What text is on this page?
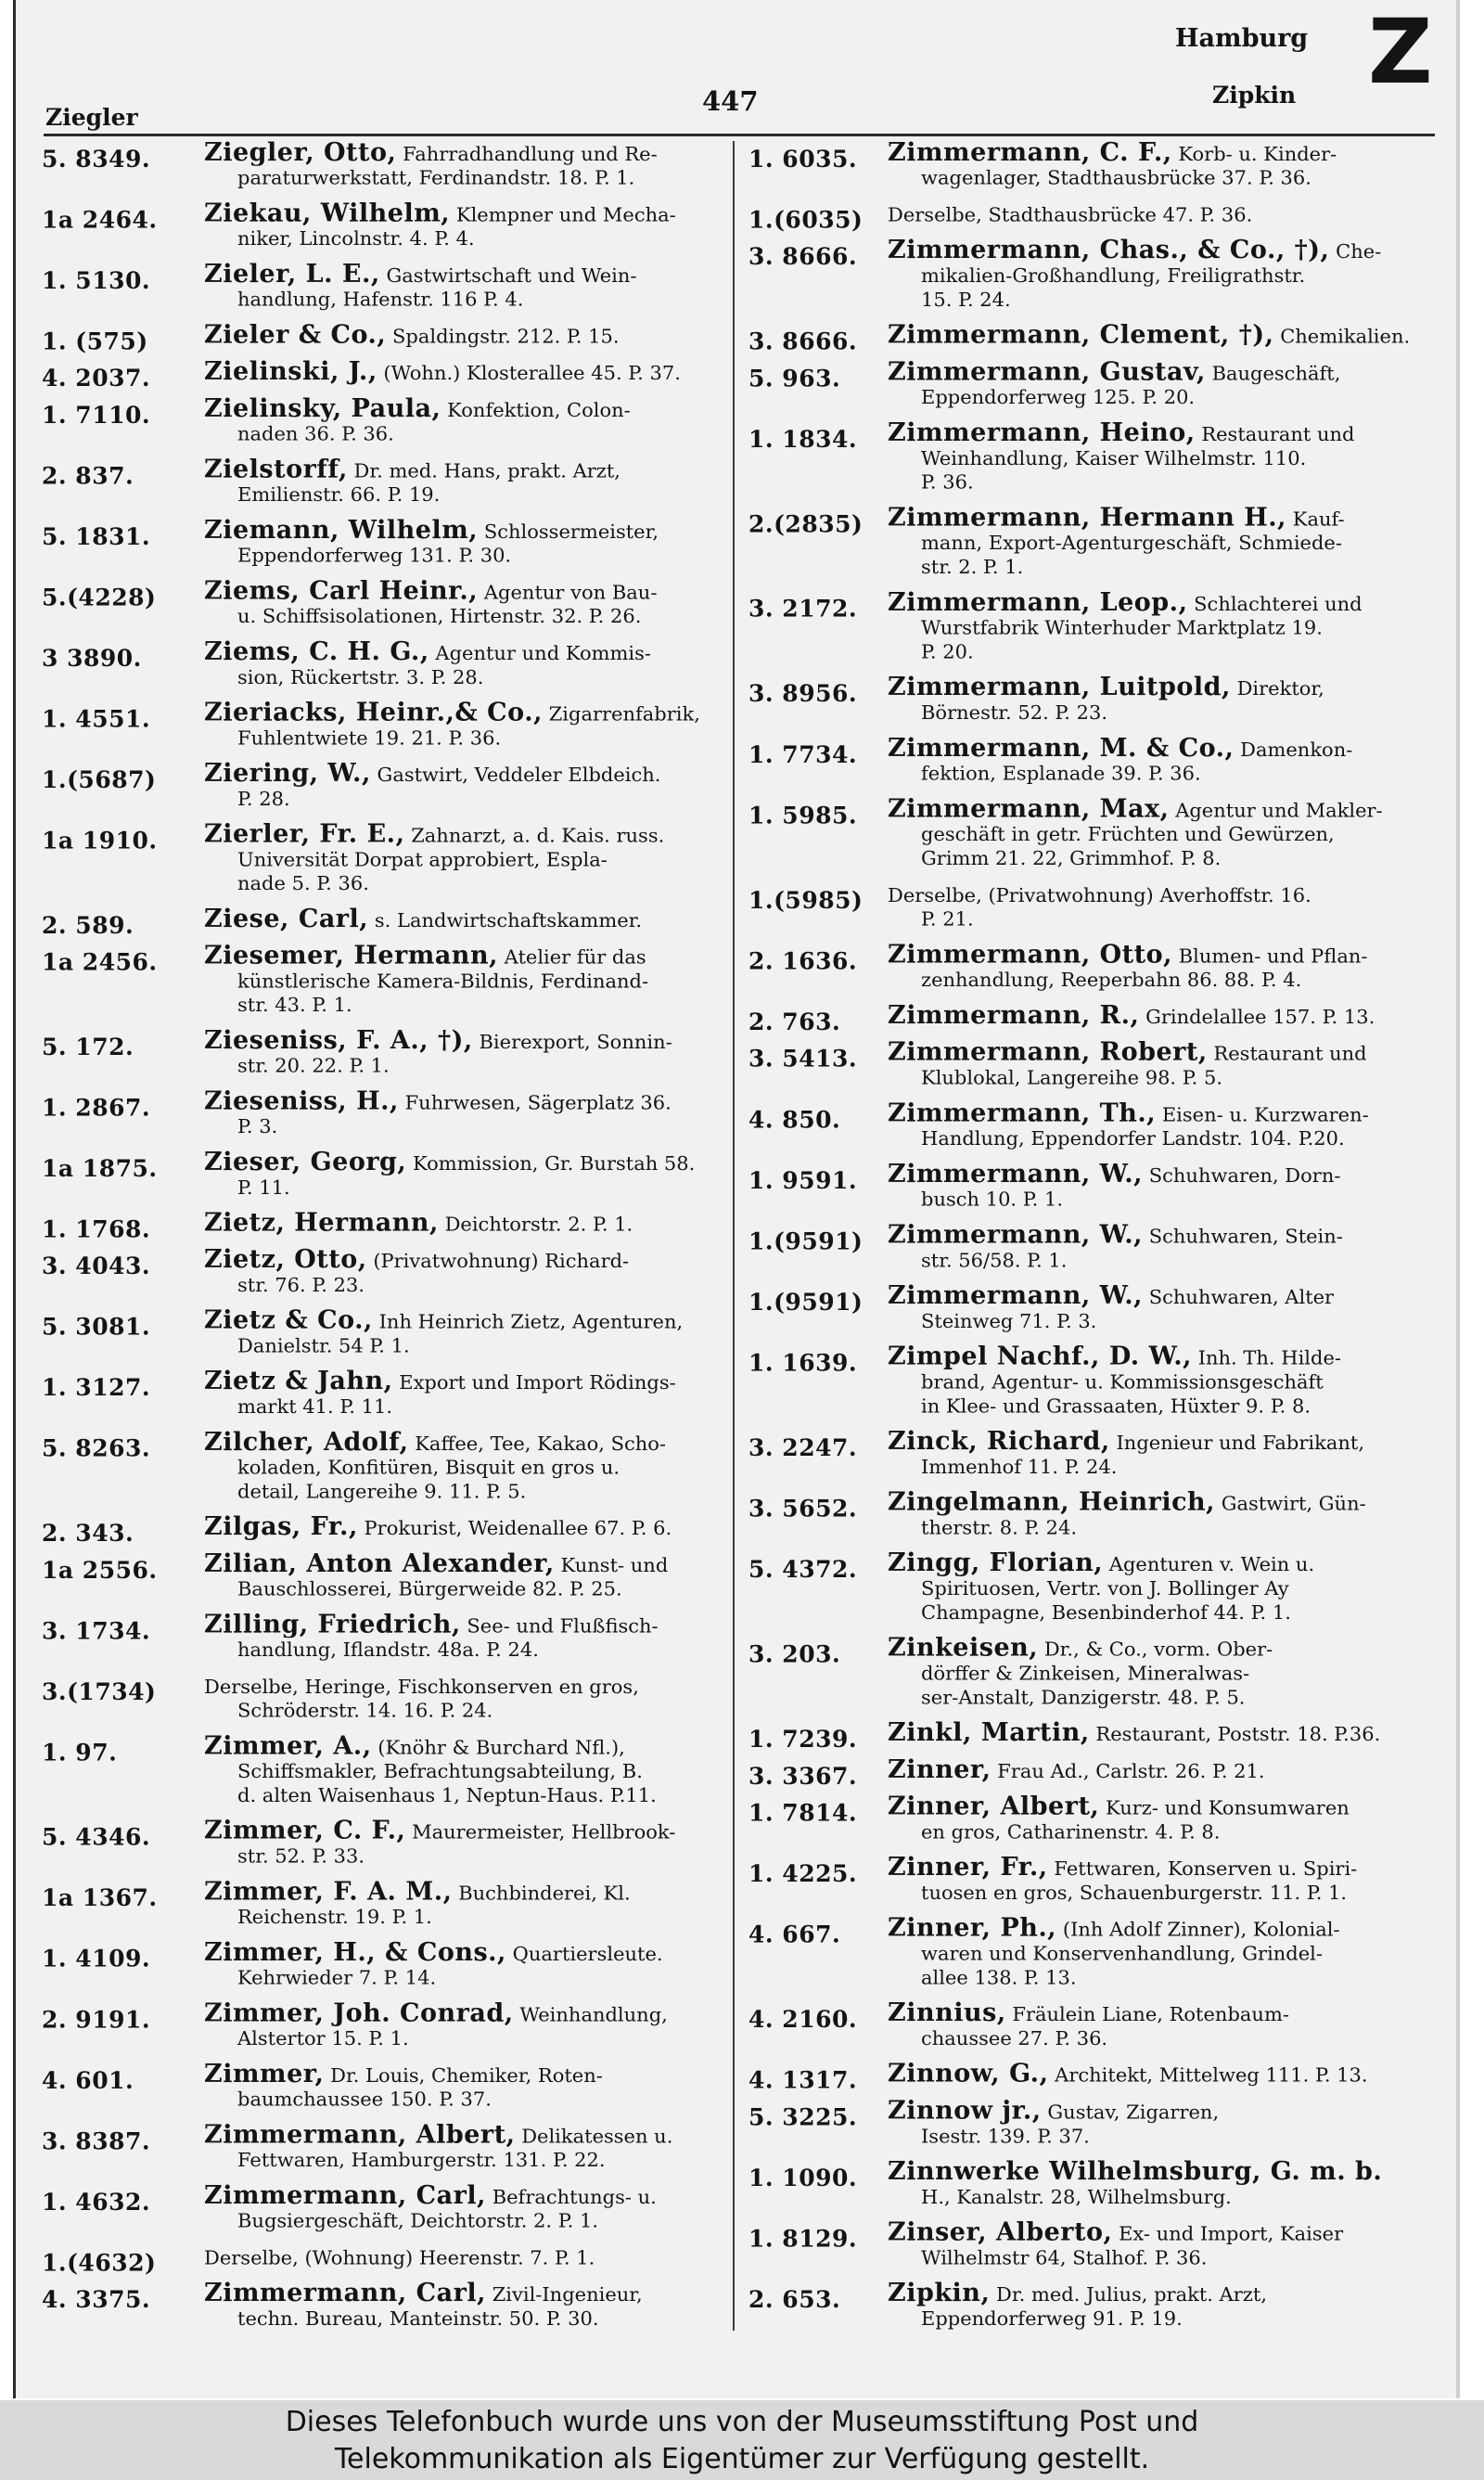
Hamburg Z
Ziegler
447	Zipkin
5. 8349.	Ziegler, Otto, Fahrradhandlung und Re-
paraturwerkstatt, Ferdinandstr. 18. P. 1.
1a 2464.	Ziekau, Wilhelm, Klempner und Mecha-
niker, Lincolnstr. 4. P. 4.
1. 5130.	Zieler, L. E., Gastwirtschaft und Wein-
handlung, Hafenstr. 116 P. 4.
1. (575)	Zieler & Co., Spaldingstr. 212. P. 15.
4. 2037.	Zielinski, J., (Wohn.) Klosterallee 45. P. 37.
1. 7110.	Zielinsky, Paula, Konfektion, Colon-
naden 36. P. 36.
2. 837.	Zielstorff, Dr. med. Hans, prakt. Arzt,
Emilienstr. 66. P. 19.
5. 1831.	Ziemann, Wilhelm, Schlossermeister,
Eppendorferweg 131. P. 30.
5.(4228)	Ziems, Carl Heinr., Agentur von Bau-
u. Schiffsisolationen, Hirtenstr. 32. P. 26.
3 3890.	Ziems, C. H. G., Agentur und Kommis-
sion, Rückertstr. 3. P. 28.
1. 4551.	Zieriacks, Heinr.,& Co., Zigarrenfabrik,
Fuhlentwiete 19. 21. P. 36.
1.(5687)	Ziering, W., Gastwirt, Veddeler Elbdeich.
P. 28.
1a 1910.	Zierler, Fr. E., Zahnarzt, a. d. Kais. russ.
Universität Dorpat approbiert, Espla-
nade 5. P. 36.
2. 589.	Ziese, Carl, s. Landwirtschaftskammer.
1a 2456.	Ziesemer, Hermann, Atelier für das
künstlerische Kamera-Bildnis, Ferdinand-
str. 43. P. 1.
5. 172.	Zieseniss, F. A., †), Bierexport, Sonnin-
str. 20. 22. P. 1.
1. 2867.	Zieseniss, H., Fuhrwesen, Sägerplatz 36.
P. 3.
1a 1875.	Zieser, Georg, Kommission, Gr. Burstah 58.
P. 11.
1. 1768.	Zietz, Hermann, Deichtorstr. 2. P. 1.
3. 4043.	Zietz, Otto, (Privatwohnung) Richard-
str. 76. P. 23.
5. 3081.	Zietz & Co., Inh Heinrich Zietz, Agenturen,
Danielstr. 54 P. 1.
1. 3127.	Zietz & Jahn, Export und Import Rödings-
markt 41. P. 11.
5. 8263.	Zilcher, Adolf, Kaffee, Tee, Kakao, Scho-
koladen, Konfitüren, Bisquit en gros u.
detail, Langereihe 9. 11. P. 5.
2. 343.	Zilgas, Fr., Prokurist, Weidenallee 67. P. 6.
1a 2556.	Zilian, Anton Alexander, Kunst- und
Bauschlosserei, Bürgerweide 82. P. 25.
3. 1734.	Zilling, Friedrich, See- und Flußfisch-
handlung, Iflandstr. 48a. P. 24.
3.(1734)	Derselbe, Heringe, Fischkonserven en gros,
Schröderstr. 14. 16. P. 24.
1. 97.	Zimmer, A., (Knöhr & Burchard Nfl.),
Schiffsmakler, Befrachtungsabteilung, B.
d. alten Waisenhaus 1, Neptun-Haus. P.11.
5. 4346.	Zimmer, C. F., Maurermeister, Hellbrook-
str. 52. P. 33.
1a 1367.	Zimmer, F. A. M., Buchbinderei, Kl.
Reichenstr. 19. P. 1.
1. 4109.	Zimmer, H., & Cons., Quartiersleute.
Kehrwieder 7. P. 14.
2. 9191.	Zimmer, Joh. Conrad, Weinhandlung,
Alstertor 15. P. 1.
4. 601.	Zimmer, Dr. Louis, Chemiker, Roten-
baumchaussee 150. P. 37.
3. 8387.	Zimmermann, Albert, Delikatessen u.
Fettwaren, Hamburgerstr. 131. P. 22.
1. 4632.	Zimmermann, Carl, Befrachtungs- u.
Bugsiergeschäft, Deichtorstr. 2. P. 1.
1.(4632)	Derselbe, (Wohnung) Heerenstr. 7. P. 1.
4. 3375.	Zimmermann, Carl, Zivil-Ingenieur,
techn. Bureau, Manteinstr. 50. P. 30.
1. 6035.	Zimmermann, C. F., Korb- u. Kinder-
wagenlager, Stadthausbrücke 37. P. 36.
1.(6035)	Derselbe, Stadthausbrücke 47. P. 36.
3. 8666.	Zimmermann, Chas., & Co., †), Che-
mikalien-Großhandlung, Freiligrathstr.
15. P. 24.
3. 8666.	Zimmermann, Clement, †), Chemikalien.
5. 963.	Zimmermann, Gustav, Baugeschäft,
Eppendorferweg 125. P. 20.
1. 1834.	Zimmermann, Heino, Restaurant und
Weinhandlung, Kaiser Wilhelmstr. 110.
P. 36.
2.(2835) Zimmermann, Hermann H., Kauf-
mann, Export-Agenturgeschäft, Schmiede-
str. 2. P. 1.
3. 2172.	Zimmermann, Leop., Schlachterei und
Wurstfabrik Winterhuder Marktplatz 19.
P. 20.
3. 8956.	Zimmermann, Luitpold, Direktor,
Börnestr. 52. P. 23.
1. 7734.	Zimmermann, M. & Co., Damenkon-
fektion, Esplanade 39. P. 36.
1. 5985.	Zimmermann, Max, Agentur und Makler-
geschäft in getr. Früchten und Gewürzen,
Grimm 21. 22, Grimmhof. P. 8.
1.(5985)	Derselbe, (Privatwohnung) Averhoffstr. 16.
P. 21.
2. 1636.	Zimmermann, Otto, Blumen- und Pflan-
zenhandlung, Reeperbahn 86. 88. P. 4.
2. 763.	Zimmermann, R., Grindelallee 157. P. 13.
3. 5413.	Zimmermann, Robert, Restaurant und
Klublokal, Langereihe 98. P. 5.
4. 850.	Zimmermann, Th., Eisen- u. Kurzwaren-
Handlung, Eppendorfer Landstr. 104. P.20.
1. 9591.	Zimmermann, W., Schuhwaren, Dorn-
busch 10. P. 1.
1.(9591) Zimmermann, W., Schuhwaren, Stein-
str. 56/58. P. 1.
1.(9591) Zimmermann, W., Schuhwaren, Alter
Steinweg 71. P. 3.
1. 1639.	Zimpel Nachf., D. W., Inh. Th. Hilde-
brand, Agentur- u. Kommissionsgeschäft
in Klee- und Grassaaten, Hüxter 9. P. 8.
3. 2247.	Zinck, Richard, Ingenieur und Fabrikant,
Immenhof 11. P. 24.
3. 5652.	Zingelmann, Heinrich, Gastwirt, Gün-
therstr. 8. P. 24.
5. 4372.	Zingg, Florian, Agenturen v. Wein u.
Spirituosen, Vertr. von J. Bollinger Ay
Champagne, Besenbinderhof 44. P. 1.
3. 203.	Zinkeisen, Dr., & Co., vorm. Ober-
dörffer & Zinkeisen, Mineralwas-
ser-Anstalt, Danzigerstr. 48. P. 5.
1. 7239.	Zinkl, Martin, Restaurant, Poststr. 18. P.36.
3. 3367.	Zinner, Frau Ad., Carlstr. 26. P. 21.
1. 7814.	Zinner, Albert, Kurz- und Konsumwaren
en gros, Catharinenstr. 4. P. 8.
1. 4225.	Zinner, Fr., Fettwaren, Konserven u. Spiri-
tuosen en gros, Schauenburgerstr. 11. P. 1.
4. 667.	Zinner, Ph., (Inh Adolf Zinner), Kolonial-
waren und Konservenhandlung, Grindel-
allee 138. P. 13.
4. 2160.	Zinnius, Fräulein Liane, Rotenbaum-
chaussee 27. P. 36.
4. 1317.	Zinnow, G., Architekt, Mittelweg 111. P. 13.
5. 3225.	Zinnow jr., Gustav, Zigarren,
Isestr. 139. P. 37.
1. 1090.	Zinnwerke Wilhelmsburg, G. m. b.
H., Kanalstr. 28, Wilhelmsburg.
1. 8129.	Zinser, Alberto, Ex- und Import, Kaiser
Wilhelmstr 64, Stalhof. P. 36.
2. 653.	Zipkin, Dr. med. Julius, prakt. Arzt,
Eppendorferweg 91. P. 19.
Dieses Telefonbuch wurde uns von der Museumsstiftung Post und
Telekommunikation als Eigentümer zur Verfügung gestellt.
